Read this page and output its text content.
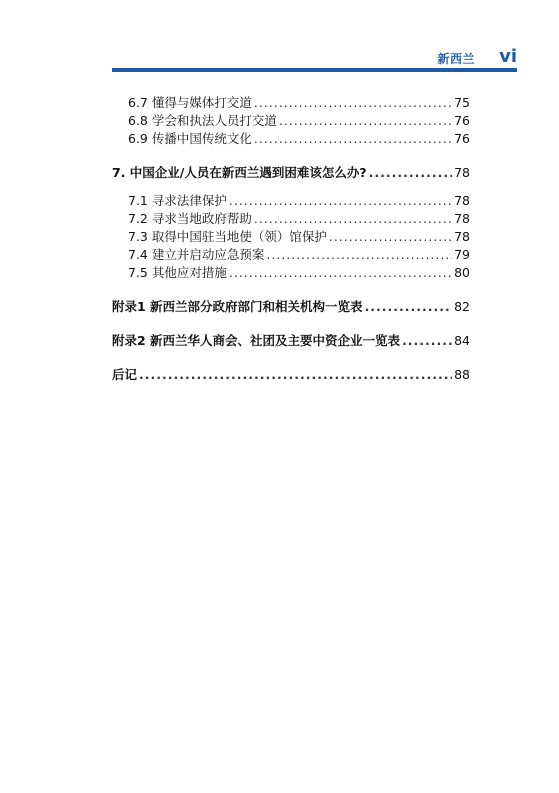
新西兰 vi
6.7 懂得与媒体打交道 .....	75
6.8 学会和执法人员打交道 .....	76
6.9 传播中国传统文化 .....	76
7. 中国企业/人员在新西兰遇到困难该怎么办? .....	78
7.1 寻求法律保护 .....	78
7.2 寻求当地政府帮助 .....	78
7.3 取得中国驻当地使（领）馆保护 .....	78
7.4 建立并启动应急预案 .....	79
7.5 其他应对措施 .....	80
附录1 新西兰部分政府部门和相关机构一览表 .....	82
附录2 新西兰华人商会、社团及主要中资企业一览表 .....	84
后记 .....	88
